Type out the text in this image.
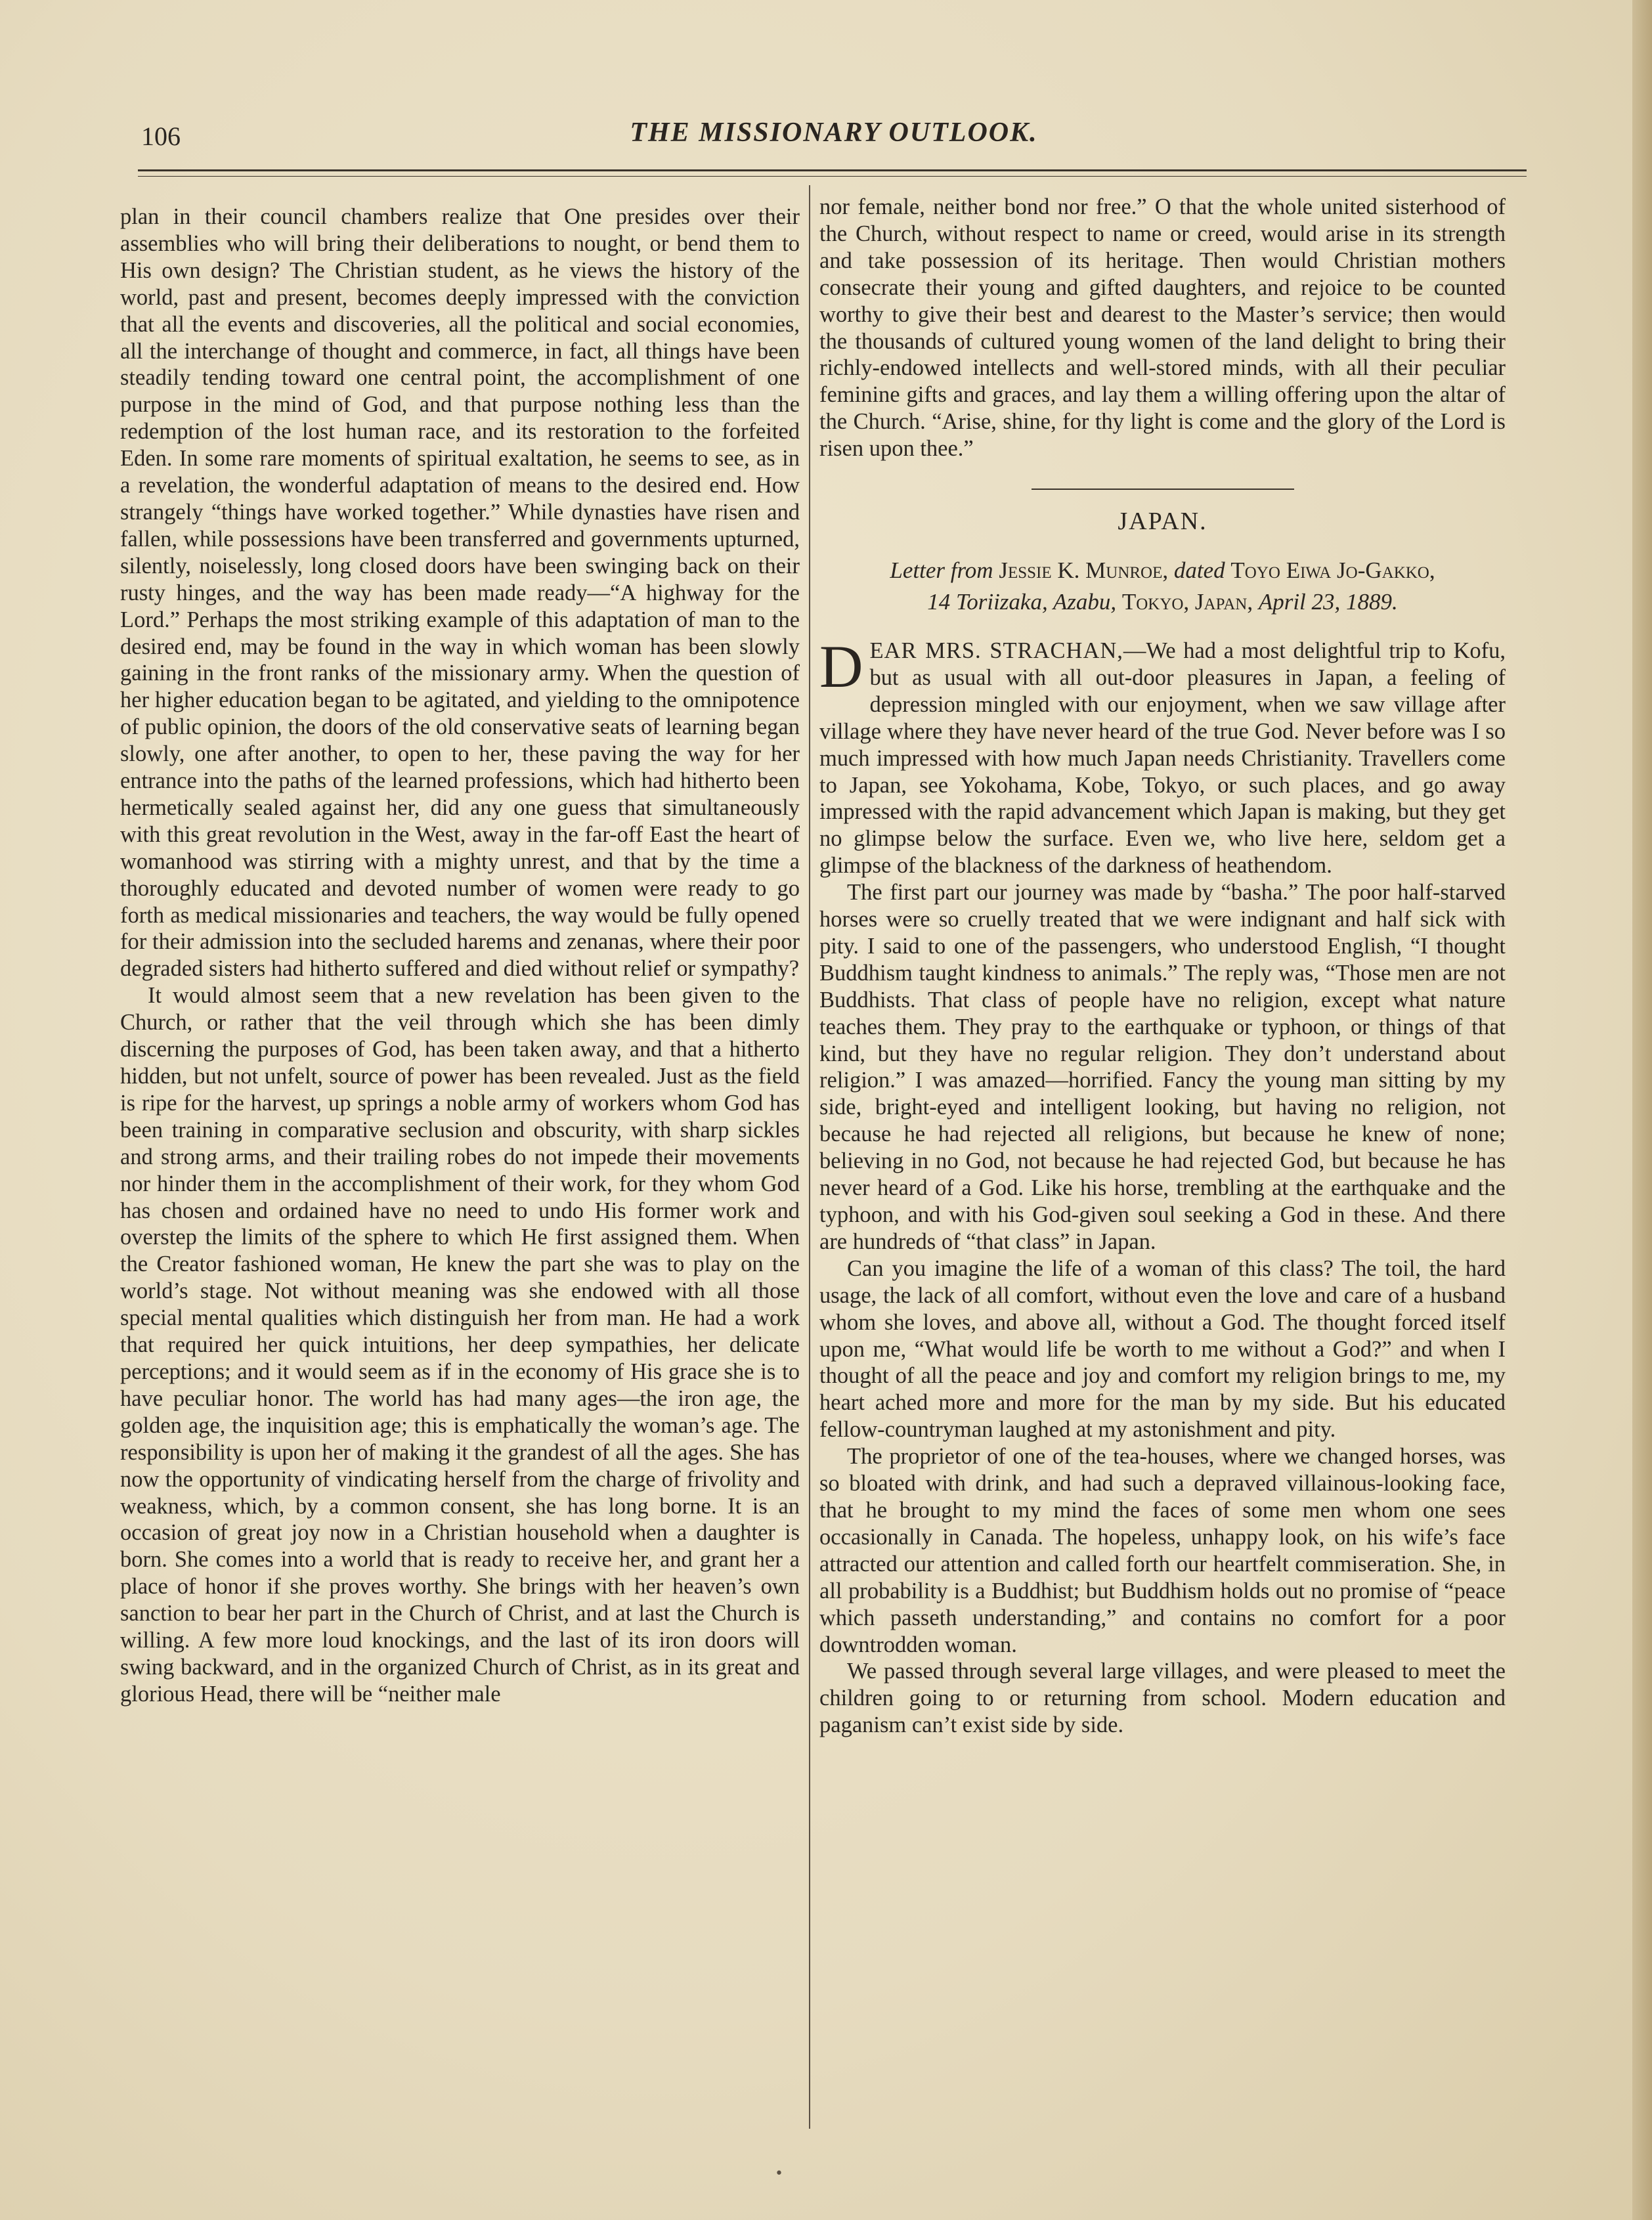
106	THE MISSIONARY OUTLOOK.

plan in their council chambers realize that One presides over their assemblies who will bring their deliberations to nought, or bend them to His own design? The Christian student, as he views the history of the world, past and present, becomes deeply impressed with the conviction that all the events and discoveries, all the political and social economies, all the interchange of thought and commerce, in fact, all things have been steadily tending toward one central point, the accomplishment of one purpose in the mind of God, and that purpose nothing less than the redemption of the lost human race, and its restoration to the forfeited Eden. In some rare moments of spiritual exaltation, he seems to see, as in a revelation, the wonderful adaptation of means to the desired end. How strangely “things have worked together.” While dynasties have risen and fallen, while possessions have been transferred and governments upturned, silently, noiselessly, long closed doors have been swinging back on their rusty hinges, and the way has been made ready—“A highway for the Lord.” Perhaps the most striking example of this adaptation of man to the desired end, may be found in the way in which woman has been slowly gaining in the front ranks of the missionary army. When the question of her higher education began to be agitated, and yielding to the omnipotence of public opinion, the doors of the old conservative seats of learning began slowly, one after another, to open to her, these paving the way for her entrance into the paths of the learned professions, which had hitherto been hermetically sealed against her, did any one guess that simultaneously with this great revolution in the West, away in the far-off East the heart of womanhood was stirring with a mighty unrest, and that by the time a thoroughly educated and devoted number of women were ready to go forth as medical missionaries and teachers, the way would be fully opened for their admission into the secluded harems and zenanas, where their poor degraded sisters had hitherto suffered and died without relief or sympathy?

It would almost seem that a new revelation has been given to the Church, or rather that the veil through which she has been dimly discerning the purposes of God, has been taken away, and that a hitherto hidden, but not unfelt, source of power has been revealed. Just as the field is ripe for the harvest, up springs a noble army of workers whom God has been training in comparative seclusion and obscurity, with sharp sickles and strong arms, and their trailing robes do not impede their movements nor hinder them in the accomplishment of their work, for they whom God has chosen and ordained have no need to undo His former work and overstep the limits of the sphere to which He first assigned them. When the Creator fashioned woman, He knew the part she was to play on the world’s stage. Not without meaning was she endowed with all those special mental qualities which distinguish her from man. He had a work that required her quick intuitions, her deep sympathies, her delicate perceptions; and it would seem as if in the economy of His grace she is to have peculiar honor. The world has had many ages—the iron age, the golden age, the inquisition age; this is emphatically the woman’s age. The responsibility is upon her of making it the grandest of all the ages. She has now the opportunity of vindicating herself from the charge of frivolity and weakness, which, by a common consent, she has long borne. It is an occasion of great joy now in a Christian household when a daughter is born. She comes into a world that is ready to receive her, and grant her a place of honor if she proves worthy. She brings with her heaven’s own sanction to bear her part in the Church of Christ, and at last the Church is willing. A few more loud knockings, and the last of its iron doors will swing backward, and in the organized Church of Christ, as in its great and glorious Head, there will be “neither male

nor female, neither bond nor free.” O that the whole united sisterhood of the Church, without respect to name or creed, would arise in its strength and take possession of its heritage. Then would Christian mothers consecrate their young and gifted daughters, and rejoice to be counted worthy to give their best and dearest to the Master’s service; then would the thousands of cultured young women of the land delight to bring their richly-endowed intellects and well-stored minds, with all their peculiar feminine gifts and graces, and lay them a willing offering upon the altar of the Church. “Arise, shine, for thy light is come and the glory of the Lord is risen upon thee.”

JAPAN.
Letter from Jessie K. Munroe, dated Toyo Eiwa Jo-Gakko,
14 Toriizaka, Azabu, Tokyo, Japan, April 23, 1889.

DEAR MRS. STRACHAN,—We had a most delightful trip to Kofu, but as usual with all out-door pleasures in Japan, a feeling of depression mingled with our enjoyment, when we saw village after village where they have never heard of the true God. Never before was I so much impressed with how much Japan needs Christianity. Travellers come to Japan, see Yokohama, Kobe, Tokyo, or such places, and go away impressed with the rapid advancement which Japan is making, but they get no glimpse below the surface. Even we, who live here, seldom get a glimpse of the blackness of the darkness of heathendom.

The first part our journey was made by “basha.” The poor half-starved horses were so cruelly treated that we were indignant and half sick with pity. I said to one of the passengers, who understood English, “I thought Buddhism taught kindness to animals.” The reply was, “Those men are not Buddhists. That class of people have no religion, except what nature teaches them. They pray to the earthquake or typhoon, or things of that kind, but they have no regular religion. They don’t understand about religion.” I was amazed—horrified. Fancy the young man sitting by my side, bright-eyed and intelligent looking, but having no religion, not because he had rejected all religions, but because he knew of none; believing in no God, not because he had rejected God, but because he has never heard of a God. Like his horse, trembling at the earthquake and the typhoon, and with his God-given soul seeking a God in these. And there are hundreds of “that class” in Japan.

Can you imagine the life of a woman of this class? The toil, the hard usage, the lack of all comfort, without even the love and care of a husband whom she loves, and above all, without a God. The thought forced itself upon me, “What would life be worth to me without a God?” and when I thought of all the peace and joy and comfort my religion brings to me, my heart ached more and more for the man by my side. But his educated fellow-countryman laughed at my astonishment and pity.

The proprietor of one of the tea-houses, where we changed horses, was so bloated with drink, and had such a depraved villainous-looking face, that he brought to my mind the faces of some men whom one sees occasionally in Canada. The hopeless, unhappy look, on his wife’s face attracted our attention and called forth our heartfelt commiseration. She, in all probability is a Buddhist; but Buddhism holds out no promise of “peace which passeth understanding,” and contains no comfort for a poor downtrodden woman.

We passed through several large villages, and were pleased to meet the children going to or returning from school. Modern education and paganism can’t exist side by side.

•
